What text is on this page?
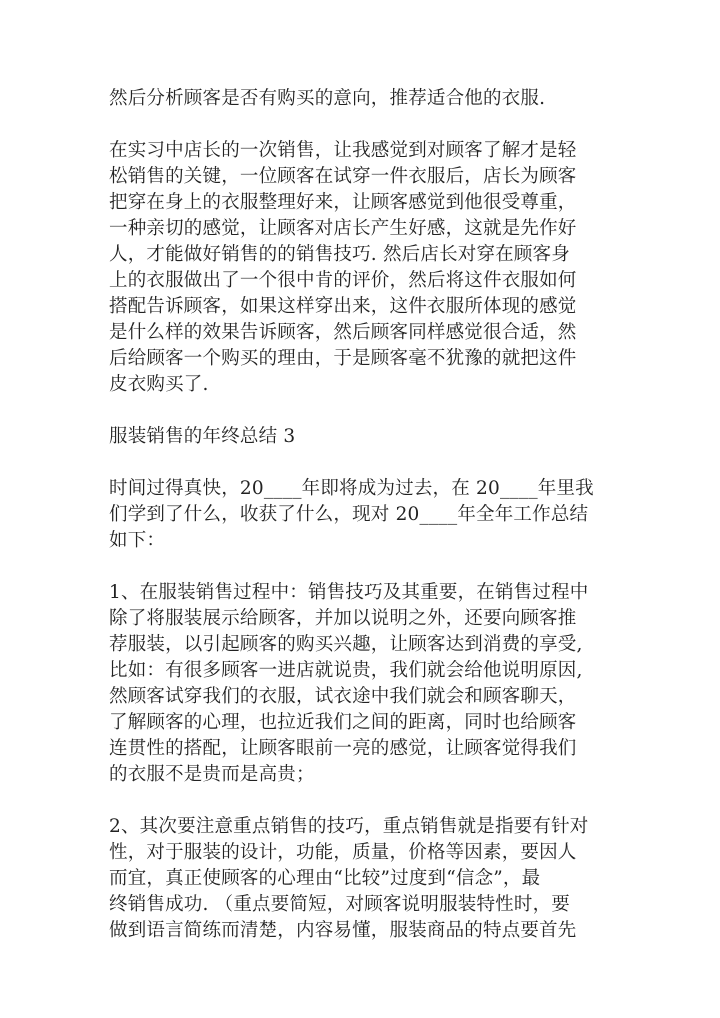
然后分析顾客是否有购买的意向，推荐适合他的衣服.
在实习中店长的一次销售，让我感觉到对顾客了解才是轻
松销售的关键，一位顾客在试穿一件衣服后，店长为顾客
把穿在身上的衣服整理好来，让顾客感觉到他很受尊重，
一种亲切的感觉，让顾客对店长产生好感，这就是先作好
人，才能做好销售的的销售技巧. 然后店长对穿在顾客身
上的衣服做出了一个很中肯的评价，然后将这件衣服如何
搭配告诉顾客，如果这样穿出来，这件衣服所体现的感觉
是什么样的效果告诉顾客，然后顾客同样感觉很合适，然
后给顾客一个购买的理由，于是顾客毫不犹豫的就把这件
皮衣购买了.
服装销售的年终总结 3
时间过得真快，20____年即将成为过去，在 20____年里我
们学到了什么，收获了什么，现对 20____年全年工作总结
如下：
1、在服装销售过程中：销售技巧及其重要，在销售过程中
除了将服装展示给顾客，并加以说明之外，还要向顾客推
荐服装，以引起顾客的购买兴趣，让顾客达到消费的享受,
比如：有很多顾客一进店就说贵，我们就会给他说明原因,
然顾客试穿我们的衣服，试衣途中我们就会和顾客聊天，
了解顾客的心理，也拉近我们之间的距离，同时也给顾客
连贯性的搭配，让顾客眼前一亮的感觉，让顾客觉得我们
的衣服不是贵而是高贵；
2、其次要注意重点销售的技巧，重点销售就是指要有针对
性，对于服装的设计，功能，质量，价格等因素，要因人
而宜，真正使顾客的心理由“比较”过度到“信念”，最
终销售成功. （重点要简短，对顾客说明服装特性时，要
做到语言简练而清楚，内容易懂，服装商品的特点要首先
